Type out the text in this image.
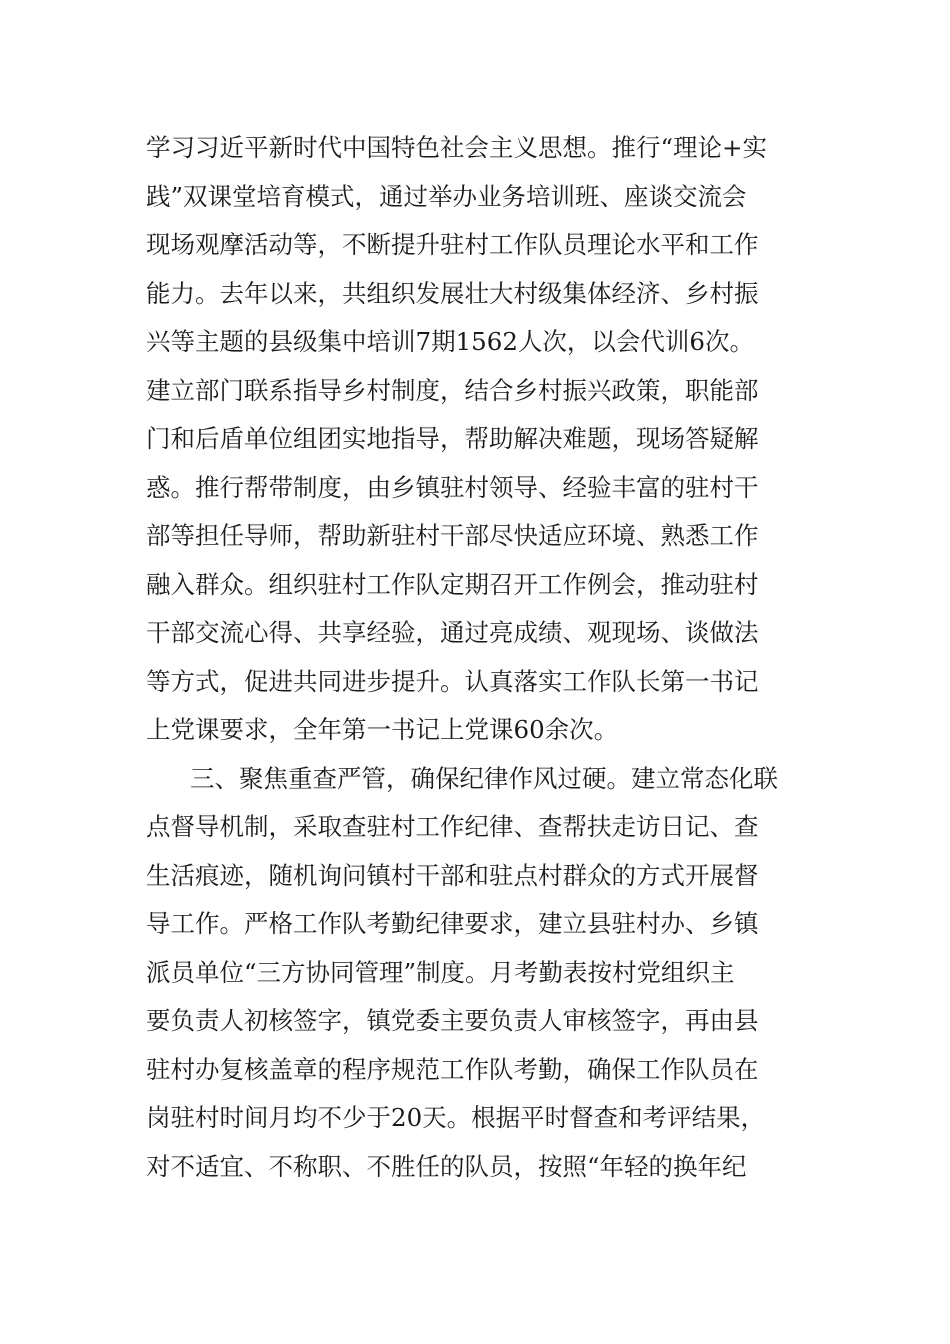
学习习近平新时代中国特色社会主义思想。推行“理论+实
践”双课堂培育模式，通过举办业务培训班、座谈交流会
现场观摩活动等，不断提升驻村工作队员理论水平和工作
能力。去年以来，共组织发展壮大村级集体经济、乡村振
兴等主题的县级集中培训7期1562人次，以会代训6次。
建立部门联系指导乡村制度，结合乡村振兴政策，职能部
门和后盾单位组团实地指导，帮助解决难题，现场答疑解
惑。推行帮带制度，由乡镇驻村领导、经验丰富的驻村干
部等担任导师，帮助新驻村干部尽快适应环境、熟悉工作
融入群众。组织驻村工作队定期召开工作例会，推动驻村
干部交流心得、共享经验，通过亮成绩、观现场、谈做法
等方式，促进共同进步提升。认真落实工作队长第一书记
上党课要求，全年第一书记上党课60余次。
三、聚焦重查严管，确保纪律作风过硬。建立常态化联
点督导机制，采取查驻村工作纪律、查帮扶走访日记、查
生活痕迹，随机询问镇村干部和驻点村群众的方式开展督
导工作。严格工作队考勤纪律要求，建立县驻村办、乡镇
派员单位“三方协同管理”制度。月考勤表按村党组织主
要负责人初核签字，镇党委主要负责人审核签字，再由县
驻村办复核盖章的程序规范工作队考勤，确保工作队员在
岗驻村时间月均不少于20天。根据平时督查和考评结果，
对不适宜、不称职、不胜任的队员，按照“年轻的换年纪
